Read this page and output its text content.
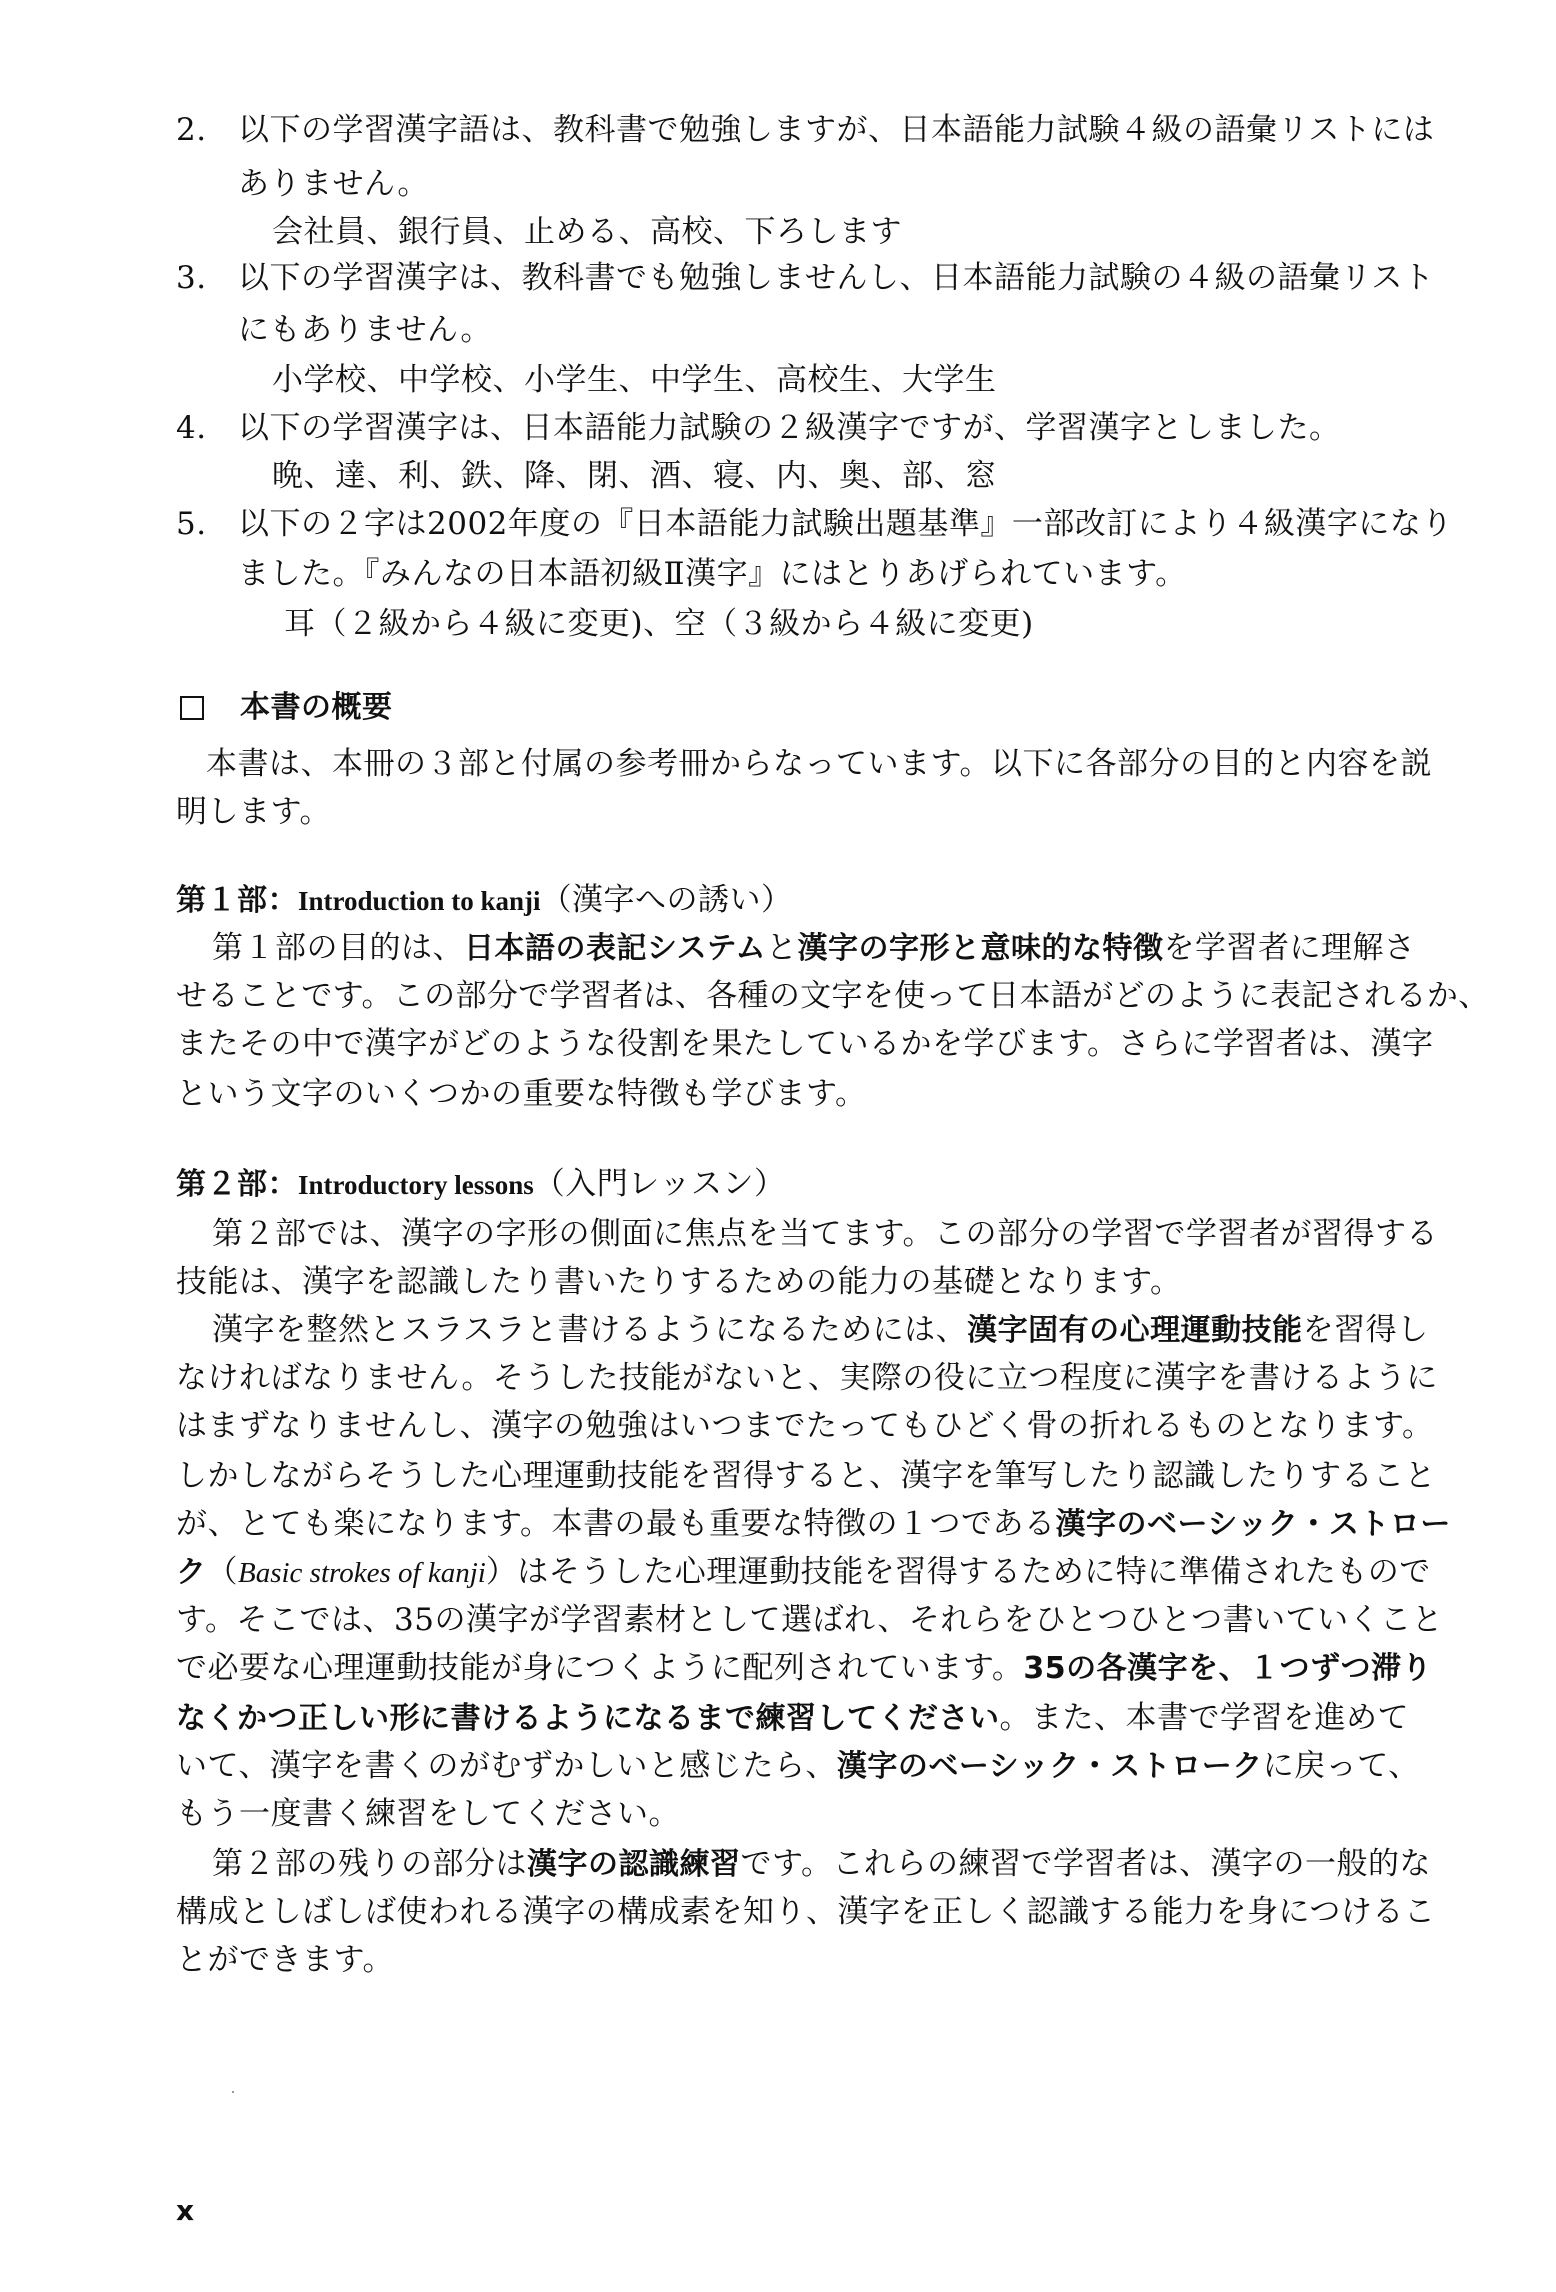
2. 以下の学習漢字語は、教科書で勉強しますが、日本語能力試験４級の語彙リストには
ありません。
会社員、銀行員、止める、高校、下ろします
3. 以下の学習漢字は、教科書でも勉強しませんし、日本語能力試験の４級の語彙リスト
にもありません。
小学校、中学校、小学生、中学生、高校生、大学生
4. 以下の学習漢字は、日本語能力試験の２級漢字ですが、学習漢字としました。
晩、達、利、鉄、降、閉、酒、寝、内、奥、部、窓
5. 以下の２字は2002年度の『日本語能力試験出題基準』一部改訂により４級漢字になり
ました。『みんなの日本語初級Ⅱ漢字』にはとりあげられています。
耳（２級から４級に変更)、空（３級から４級に変更)
本書の概要
本書は、本冊の３部と付属の参考冊からなっています。以下に各部分の目的と内容を説
明します。
第１部：Introduction to kanji（漢字への誘い）
第１部の目的は、日本語の表記システムと漢字の字形と意味的な特徴を学習者に理解さ
せることです。この部分で学習者は、各種の文字を使って日本語がどのように表記されるか、
またその中で漢字がどのような役割を果たしているかを学びます。さらに学習者は、漢字
という文字のいくつかの重要な特徴も学びます。
第２部：Introductory lessons（入門レッスン）
第２部では、漢字の字形の側面に焦点を当てます。この部分の学習で学習者が習得する
技能は、漢字を認識したり書いたりするための能力の基礎となります。
漢字を整然とスラスラと書けるようになるためには、漢字固有の心理運動技能を習得し
なければなりません。そうした技能がないと、実際の役に立つ程度に漢字を書けるように
はまずなりませんし、漢字の勉強はいつまでたってもひどく骨の折れるものとなります。
しかしながらそうした心理運動技能を習得すると、漢字を筆写したり認識したりすること
が、とても楽になります。本書の最も重要な特徴の１つである漢字のベーシック・ストロー
ク（Basic strokes of kanji）はそうした心理運動技能を習得するために特に準備されたもので
す。そこでは、35の漢字が学習素材として選ばれ、それらをひとつひとつ書いていくこと
で必要な心理運動技能が身につくように配列されています。35の各漢字を、１つずつ滞り
なくかつ正しい形に書けるようになるまで練習してください。また、本書で学習を進めて
いて、漢字を書くのがむずかしいと感じたら、漢字のベーシック・ストロークに戻って、
もう一度書く練習をしてください。
第２部の残りの部分は漢字の認識練習です。これらの練習で学習者は、漢字の一般的な
構成としばしば使われる漢字の構成素を知り、漢字を正しく認識する能力を身につけるこ
とができます。
x
